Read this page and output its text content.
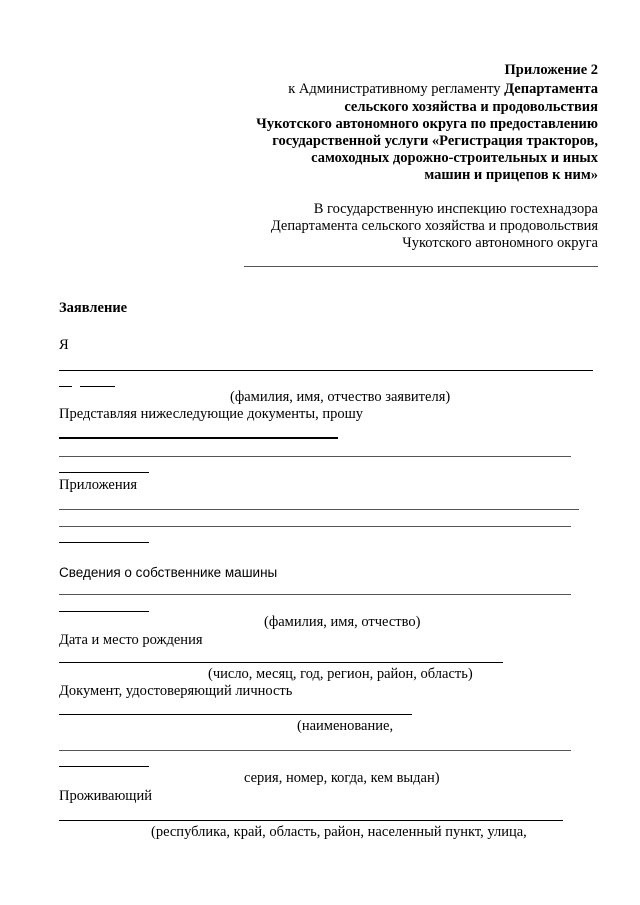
Приложение 2
к Административному регламенту Департамента
сельского хозяйства и продовольствия
Чукотского автономного округа по предоставлению
государственной услуги «Регистрация тракторов,
самоходных дорожно-строительных и иных
машин и прицепов к ним»
В государственную инспекцию гостехнадзора
Департамента сельского хозяйства и продовольствия
Чукотского автономного округа
Заявление
Я
(фамилия, имя, отчество заявителя)
Представляя нижеследующие документы, прошу
Приложения
Сведения о собственнике машины
(фамилия, имя, отчество)
Дата и место рождения
(число, месяц, год, регион, район, область)
Документ, удостоверяющий личность
(наименование,
серия, номер, когда, кем выдан)
Проживающий
(республика, край, область, район, населенный пункт, улица,
